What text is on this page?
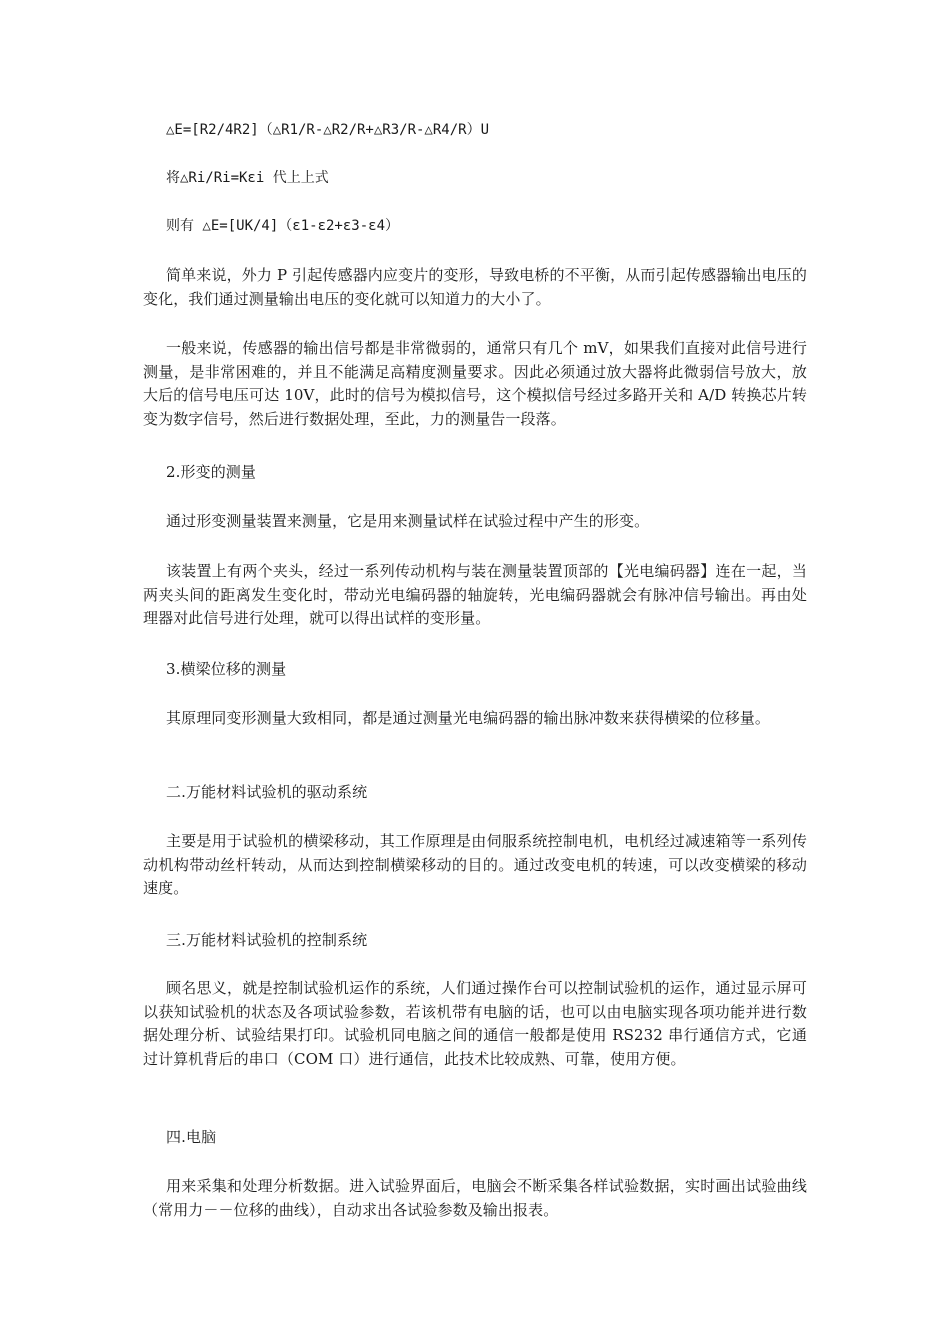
△E=[R2/4R2]（△R1/R-△R2/R+△R3/R-△R4/R）U

将△Ri/Ri=Kεi 代上上式

则有 △E=[UK/4]（ε1-ε2+ε3-ε4）

简单来说，外力 P 引起传感器内应变片的变形，导致电桥的不平衡，从而引起传感器输出电压的变化，我们通过测量输出电压的变化就可以知道力的大小了。

一般来说，传感器的输出信号都是非常微弱的，通常只有几个 mV，如果我们直接对此信号进行测量，是非常困难的，并且不能满足高精度测量要求。因此必须通过放大器将此微弱信号放大，放大后的信号电压可达 10V，此时的信号为模拟信号，这个模拟信号经过多路开关和 A/D 转换芯片转变为数字信号，然后进行数据处理，至此，力的测量告一段落。

2.形变的测量

通过形变测量装置来测量，它是用来测量试样在试验过程中产生的形变。

该装置上有两个夹头，经过一系列传动机构与装在测量装置顶部的【光电编码器】连在一起，当两夹头间的距离发生变化时，带动光电编码器的轴旋转，光电编码器就会有脉冲信号输出。再由处理器对此信号进行处理，就可以得出试样的变形量。

3.横梁位移的测量

其原理同变形测量大致相同，都是通过测量光电编码器的输出脉冲数来获得横梁的位移量。

二.万能材料试验机的驱动系统

主要是用于试验机的横梁移动，其工作原理是由伺服系统控制电机，电机经过减速箱等一系列传动机构带动丝杆转动，从而达到控制横梁移动的目的。通过改变电机的转速，可以改变横梁的移动速度。

三.万能材料试验机的控制系统

顾名思义，就是控制试验机运作的系统，人们通过操作台可以控制试验机的运作，通过显示屏可以获知试验机的状态及各项试验参数，若该机带有电脑的话，也可以由电脑实现各项功能并进行数据处理分析、试验结果打印。试验机同电脑之间的通信一般都是使用 RS232 串行通信方式，它通过计算机背后的串口（COM 口）进行通信，此技术比较成熟、可靠，使用方便。

四.电脑

用来采集和处理分析数据。进入试验界面后，电脑会不断采集各样试验数据，实时画出试验曲线（常用力－－位移的曲线），自动求出各试验参数及输出报表。
